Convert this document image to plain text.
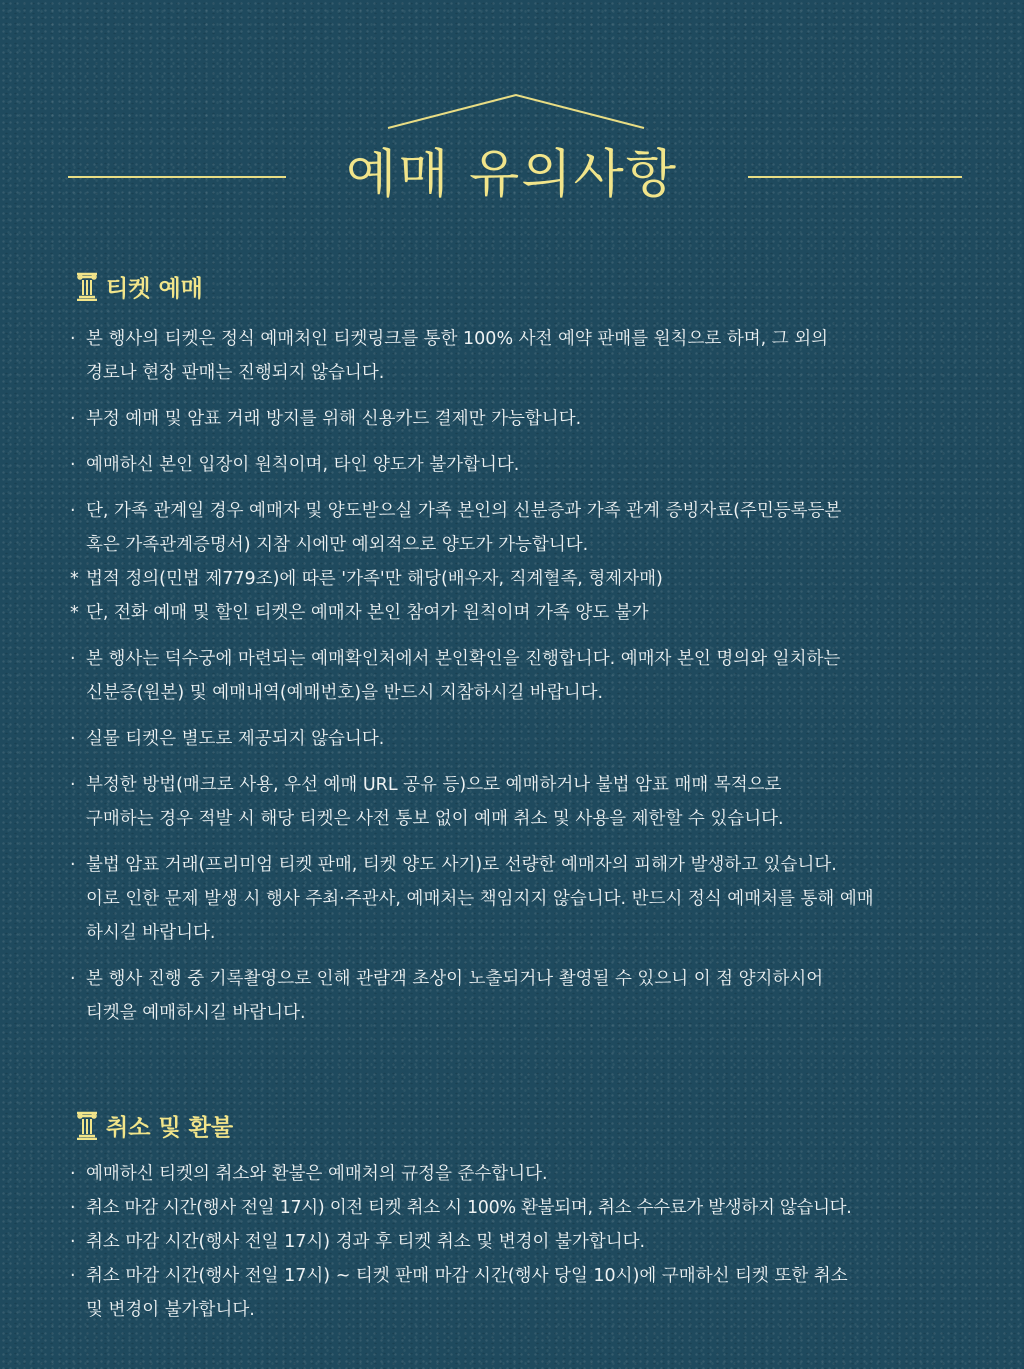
예매 유의사항
티켓 예매
· 본 행사의 티켓은 정식 예매처인 티켓링크를 통한 100% 사전 예약 판매를 원칙으로 하며, 그 외의

경로나 현장 판매는 진행되지 않습니다.

· 부정 예매 및 암표 거래 방지를 위해 신용카드 결제만 가능합니다.

· 예매하신 본인 입장이 원칙이며, 타인 양도가 불가합니다.

· 단, 가족 관계일 경우 예매자 및 양도받으실 가족 본인의 신분증과 가족 관계 증빙자료(주민등록등본

혹은 가족관계증명서) 지참 시에만 예외적으로 양도가 가능합니다.

* 법적 정의(민법 제779조)에 따른 '가족'만 해당(배우자, 직계혈족, 형제자매)

* 단, 전화 예매 및 할인 티켓은 예매자 본인 참여가 원칙이며 가족 양도 불가

· 본 행사는 덕수궁에 마련되는 예매확인처에서 본인확인을 진행합니다. 예매자 본인 명의와 일치하는

신분증(원본) 및 예매내역(예매번호)을 반드시 지참하시길 바랍니다.

· 실물 티켓은 별도로 제공되지 않습니다.

· 부정한 방법(매크로 사용, 우선 예매 URL 공유 등)으로 예매하거나 불법 암표 매매 목적으로

구매하는 경우 적발 시 해당 티켓은 사전 통보 없이 예매 취소 및 사용을 제한할 수 있습니다.

· 불법 암표 거래(프리미엄 티켓 판매, 티켓 양도 사기)로 선량한 예매자의 피해가 발생하고 있습니다.

이로 인한 문제 발생 시 행사 주최·주관사, 예매처는 책임지지 않습니다. 반드시 정식 예매처를 통해 예매

하시길 바랍니다.

· 본 행사 진행 중 기록촬영으로 인해 관람객 초상이 노출되거나 촬영될 수 있으니 이 점 양지하시어

티켓을 예매하시길 바랍니다.

취소 및 환불
· 예매하신 티켓의 취소와 환불은 예매처의 규정을 준수합니다.

· 취소 마감 시간(행사 전일 17시) 이전 티켓 취소 시 100% 환불되며, 취소 수수료가 발생하지 않습니다.

· 취소 마감 시간(행사 전일 17시) 경과 후 티켓 취소 및 변경이 불가합니다.

· 취소 마감 시간(행사 전일 17시) ~ 티켓 판매 마감 시간(행사 당일 10시)에 구매하신 티켓 또한 취소

및 변경이 불가합니다.
